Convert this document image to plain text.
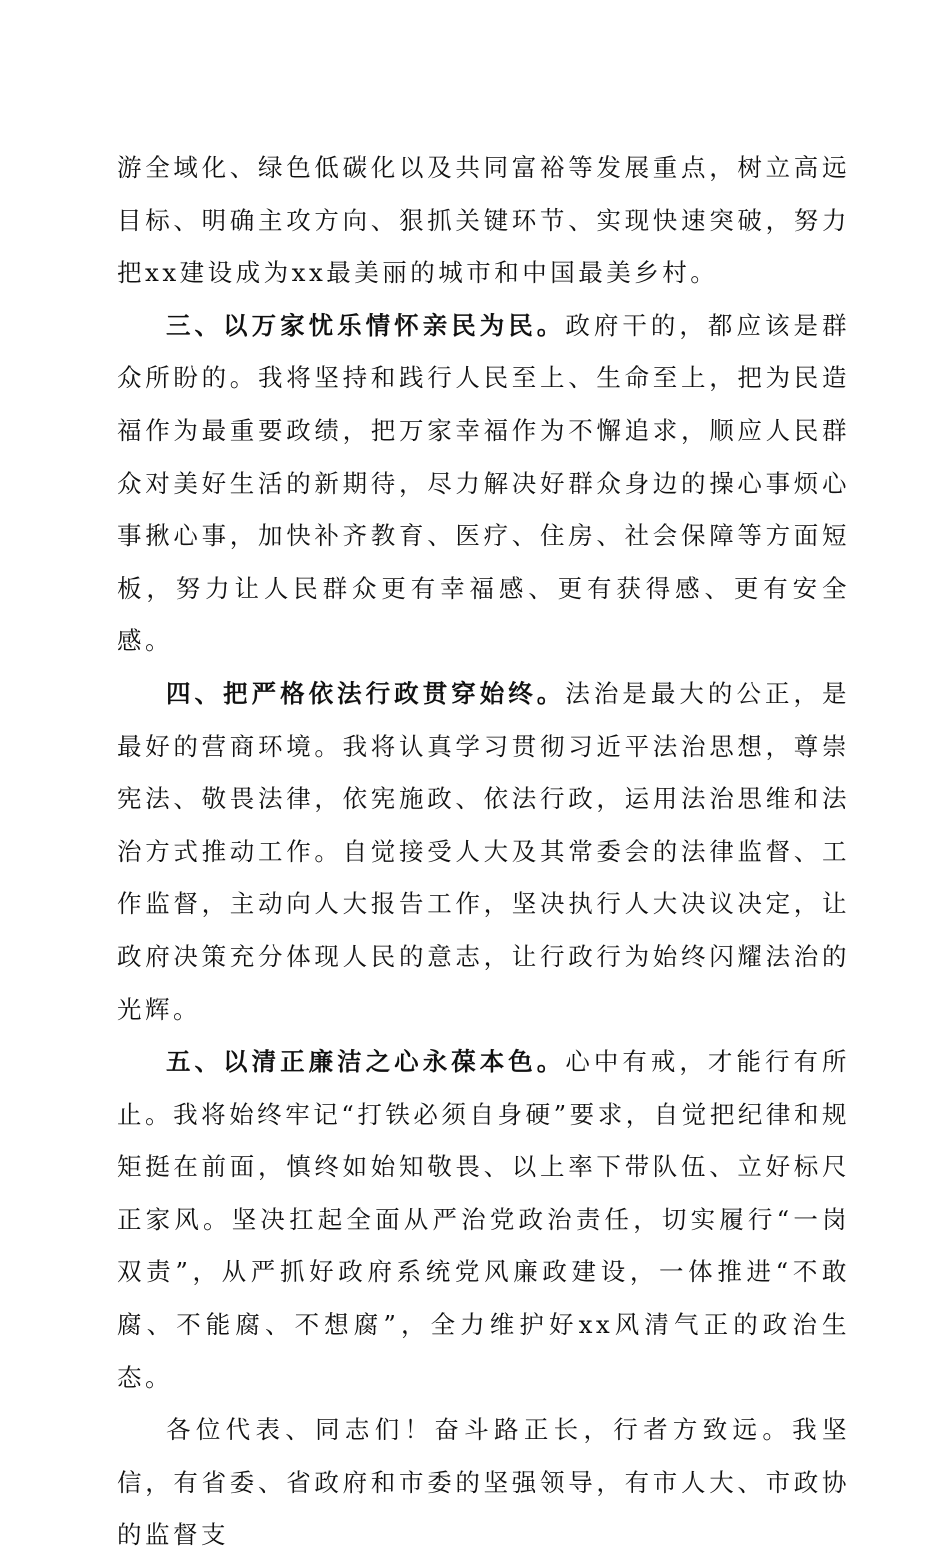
游全域化、绿色低碳化以及共同富裕等发展重点，树立高远目标、明确主攻方向、狠抓关键环节、实现快速突破，努力把xx建设成为xx最美丽的城市和中国最美乡村。

三、以万家忧乐情怀亲民为民。政府干的，都应该是群众所盼的。我将坚持和践行人民至上、生命至上，把为民造福作为最重要政绩，把万家幸福作为不懈追求，顺应人民群众对美好生活的新期待，尽力解决好群众身边的操心事烦心事揪心事，加快补齐教育、医疗、住房、社会保障等方面短板，努力让人民群众更有幸福感、更有获得感、更有安全感。

四、把严格依法行政贯穿始终。法治是最大的公正，是最好的营商环境。我将认真学习贯彻习近平法治思想，尊崇宪法、敬畏法律，依宪施政、依法行政，运用法治思维和法治方式推动工作。自觉接受人大及其常委会的法律监督、工作监督，主动向人大报告工作，坚决执行人大决议决定，让政府决策充分体现人民的意志，让行政行为始终闪耀法治的光辉。

五、以清正廉洁之心永葆本色。心中有戒，才能行有所止。我将始终牢记“打铁必须自身硬”要求，自觉把纪律和规矩挺在前面，慎终如始知敬畏、以上率下带队伍、立好标尺正家风。坚决扛起全面从严治党政治责任，切实履行“一岗双责”，从严抓好政府系统党风廉政建设，一体推进“不敢腐、不能腐、不想腐”，全力维护好xx风清气正的政治生态。

各位代表、同志们！奋斗路正长，行者方致远。我坚信，有省委、省政府和市委的坚强领导，有市人大、市政协的监督支
